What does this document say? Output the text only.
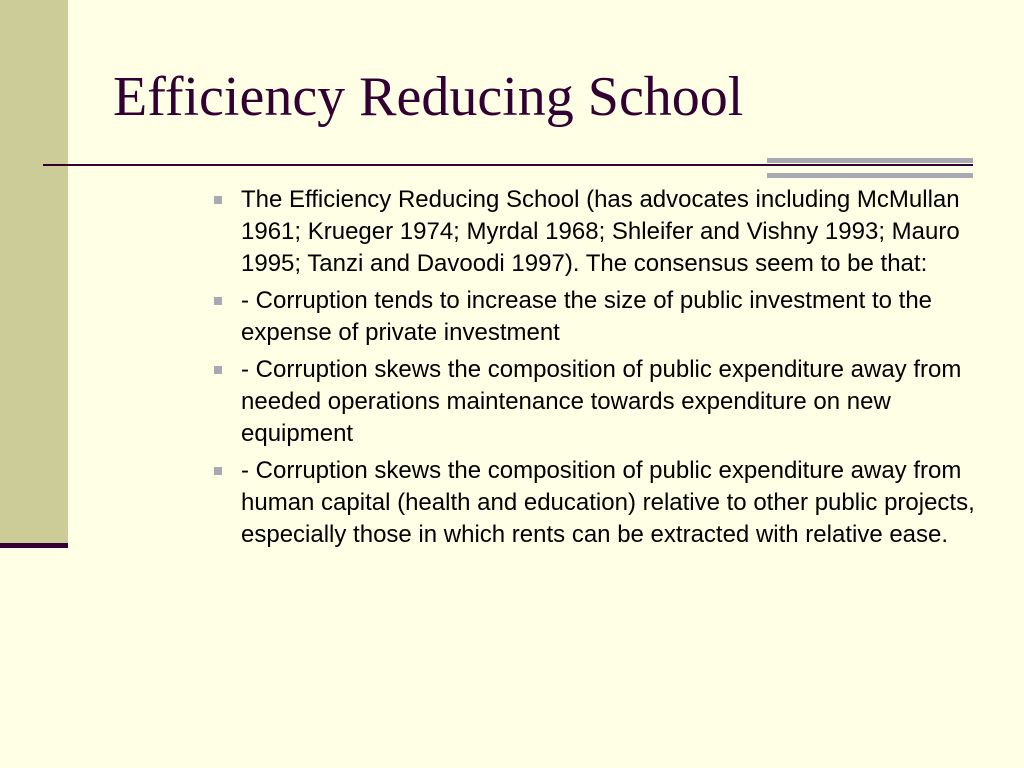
Efficiency Reducing School
The Efficiency Reducing School (has advocates including McMullan 1961; Krueger 1974; Myrdal 1968; Shleifer and Vishny 1993; Mauro 1995; Tanzi and Davoodi 1997). The consensus seem to be that:
- Corruption tends to increase the size of public investment to the expense of private investment
- Corruption skews the composition of public expenditure away from needed operations maintenance towards expenditure on new equipment
- Corruption skews the composition of public expenditure away from human capital (health and education) relative to other public projects, especially those in which rents can be extracted with relative ease.
